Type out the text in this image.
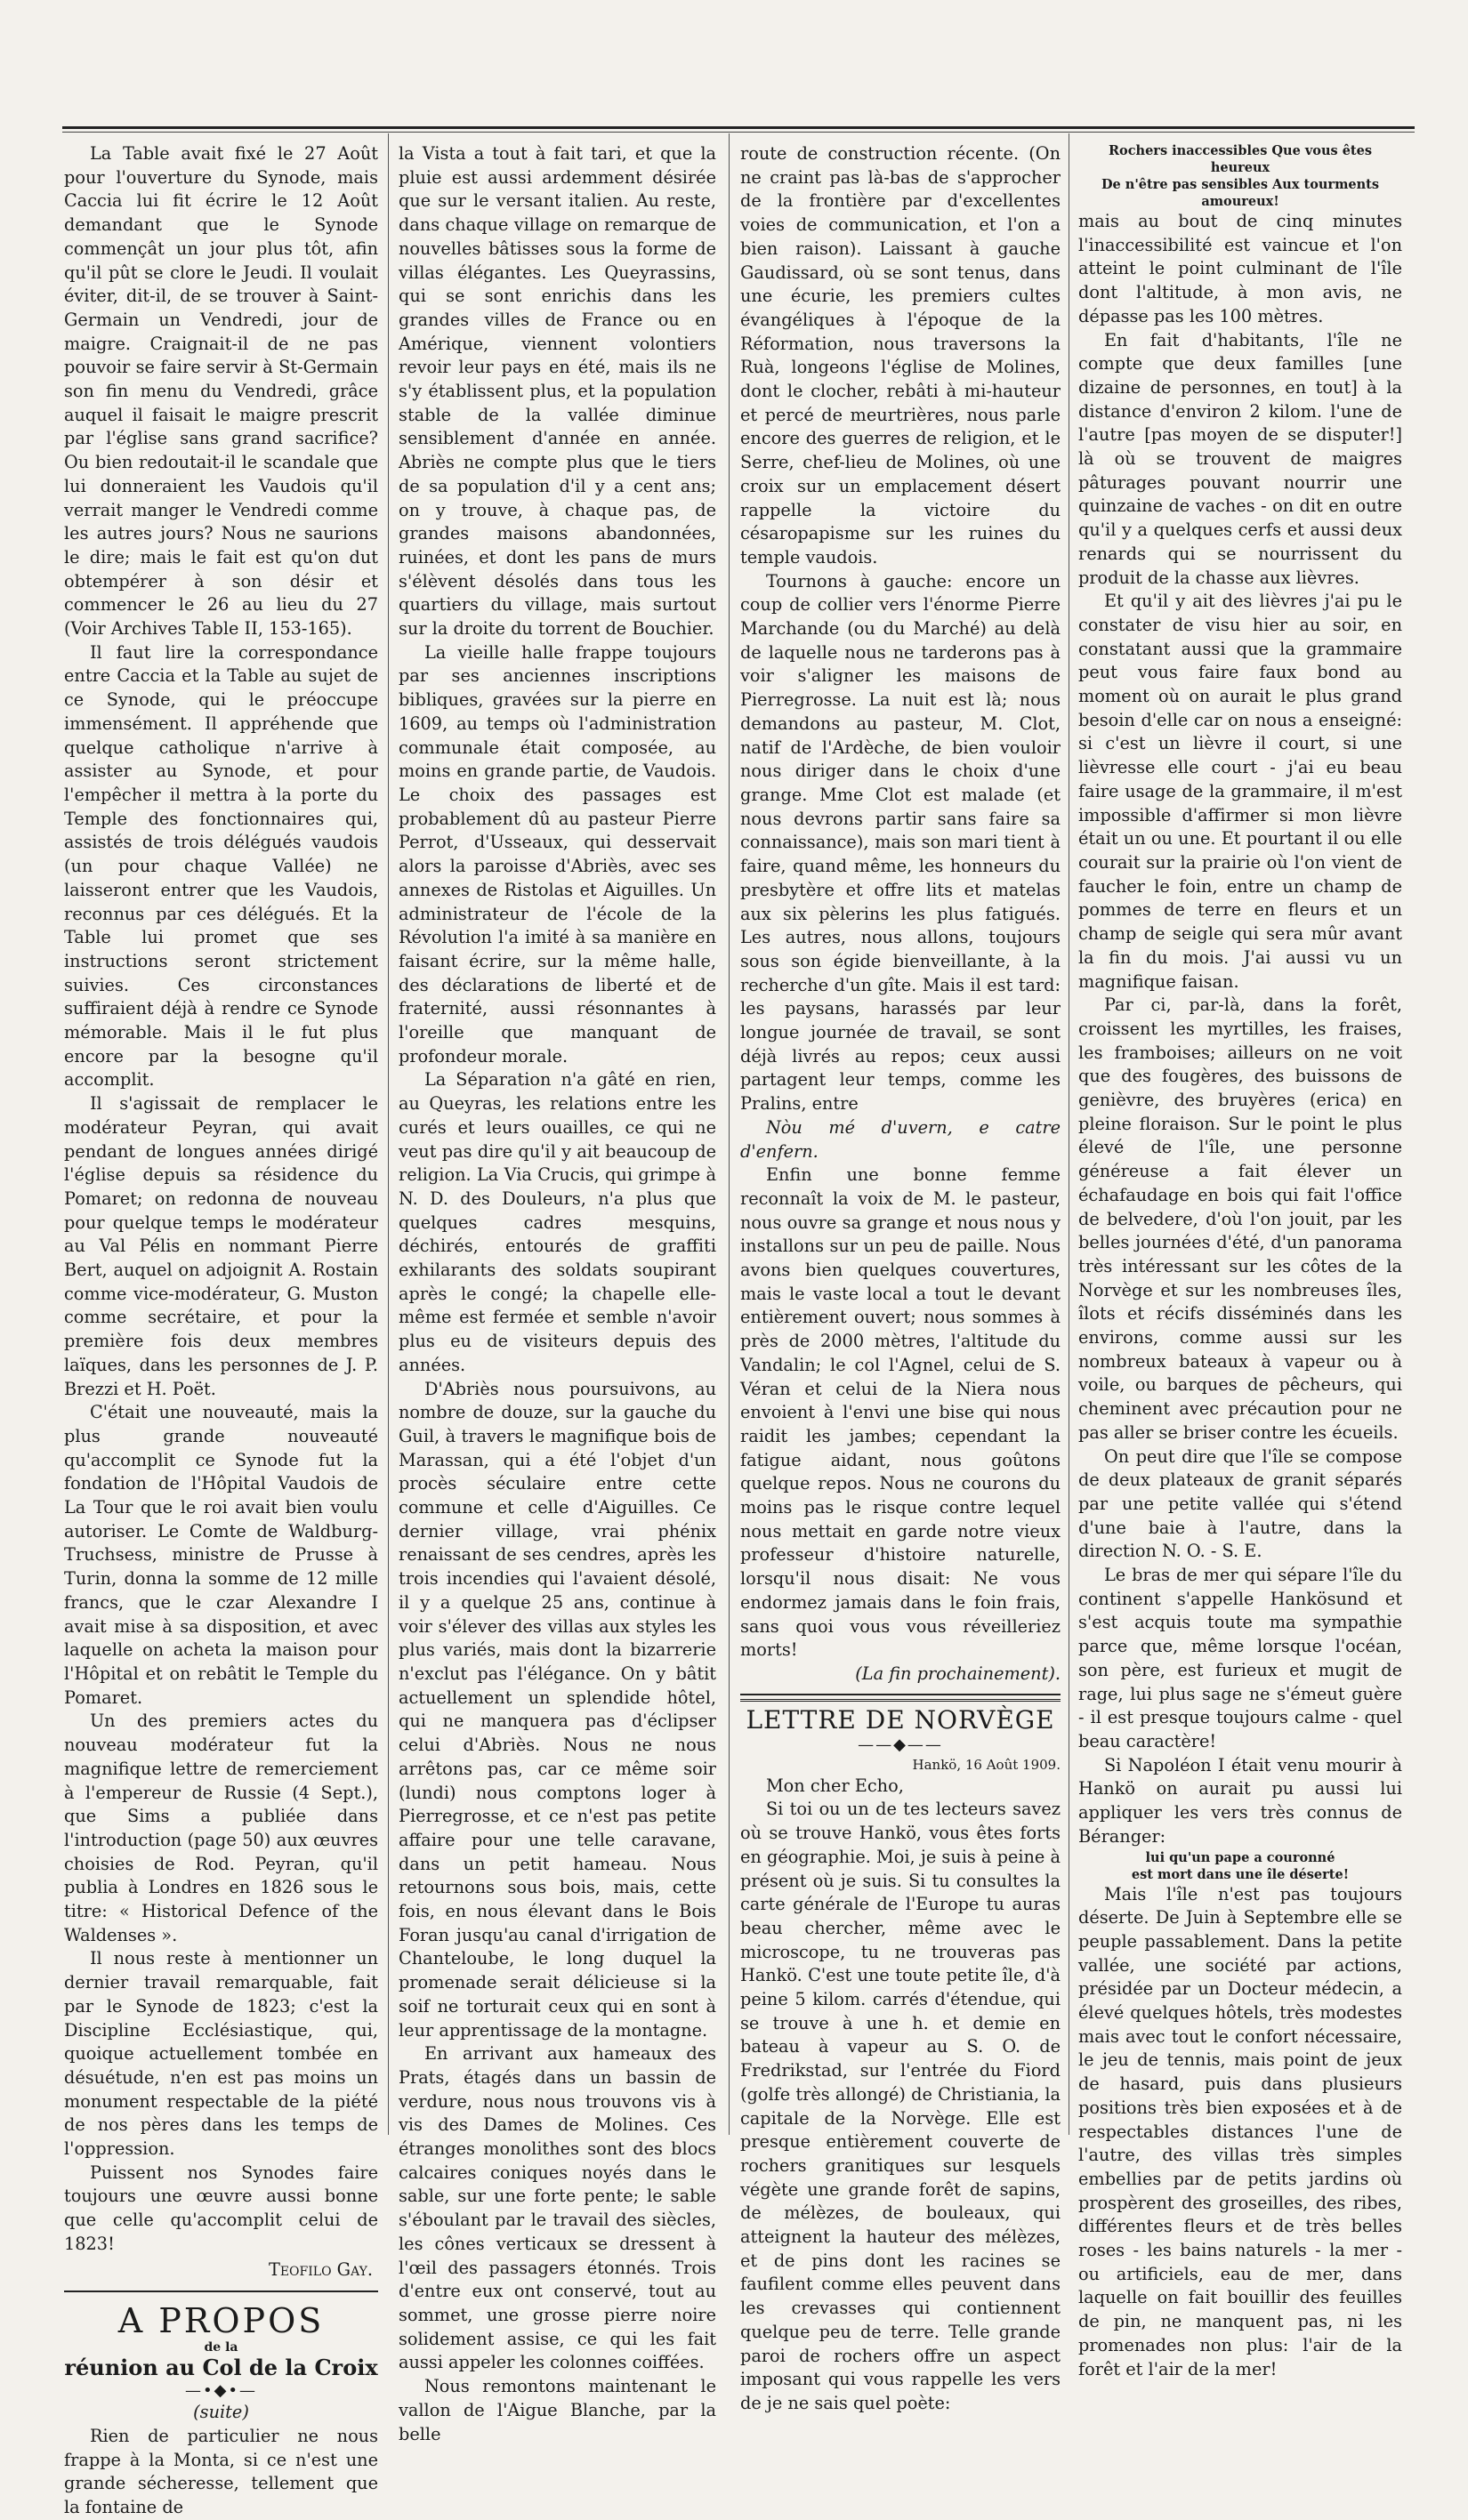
La Table avait fixé le 27 Août pour l'ouverture du Synode, mais Caccia lui fit écrire le 12 Août demandant que le Synode commençât un jour plus tôt, afin qu'il pût se clore le Jeudi. Il voulait éviter, dit-il, de se trouver à Saint-Germain un Vendredi, jour de maigre. Craignait-il de ne pas pouvoir se faire servir à St-Germain son fin menu du Vendredi, grâce auquel il faisait le maigre prescrit par l'église sans grand sacrifice? Ou bien redoutait-il le scandale que lui donneraient les Vaudois qu'il verrait manger le Vendredi comme les autres jours? Nous ne saurions le dire; mais le fait est qu'on dut obtempérer à son désir et commencer le 26 au lieu du 27 (Voir Archives Table II, 153-165).

Il faut lire la correspondance entre Caccia et la Table au sujet de ce Synode, qui le préoccupe immensément. Il appréhende que quelque catholique n'arrive à assister au Synode, et pour l'empêcher il mettra à la porte du Temple des fonctionnaires qui, assistés de trois délégués vaudois (un pour chaque Vallée) ne laisseront entrer que les Vaudois, reconnus par ces délégués. Et la Table lui promet que ses instructions seront strictement suivies. Ces circonstances suffiraient déjà à rendre ce Synode mémorable. Mais il le fut plus encore par la besogne qu'il accomplit.

Il s'agissait de remplacer le modérateur Peyran, qui avait pendant de longues années dirigé l'église depuis sa résidence du Pomaret; on redonna de nouveau pour quelque temps le modérateur au Val Pélis en nommant Pierre Bert, auquel on adjoignit A. Rostain comme vice-modérateur, G. Muston comme secrétaire, et pour la première fois deux membres laïques, dans les personnes de J. P. Brezzi et H. Poët.

C'était une nouveauté, mais la plus grande nouveauté qu'accomplit ce Synode fut la fondation de l'Hôpital Vaudois de La Tour que le roi avait bien voulu autoriser. Le Comte de Waldburg-Truchsess, ministre de Prusse à Turin, donna la somme de 12 mille francs, que le czar Alexandre I avait mise à sa disposition, et avec laquelle on acheta la maison pour l'Hôpital et on rebâtit le Temple du Pomaret.

Un des premiers actes du nouveau modérateur fut la magnifique lettre de remerciement à l'empereur de Russie (4 Sept.), que Sims a publiée dans l'introduction (page 50) aux œuvres choisies de Rod. Peyran, qu'il publia à Londres en 1826 sous le titre: « Historical Defence of the Waldenses ».

Il nous reste à mentionner un dernier travail remarquable, fait par le Synode de 1823; c'est la Discipline Ecclésiastique, qui, quoique actuellement tombée en désuétude, n'en est pas moins un monument respectable de la piété de nos pères dans les temps de l'oppression.

Puissent nos Synodes faire toujours une œuvre aussi bonne que celle qu'accomplit celui de 1823!

Teofilo Gay.

A PROPOS
de la
réunion au Col de la Croix
—•◆•—
(suite)

Rien de particulier ne nous frappe à la Monta, si ce n'est une grande sécheresse, tellement que la fontaine de

la Vista a tout à fait tari, et que la pluie est aussi ardemment désirée que sur le versant italien. Au reste, dans chaque village on remarque de nouvelles bâtisses sous la forme de villas élégantes. Les Queyrassins, qui se sont enrichis dans les grandes villes de France ou en Amérique, viennent volontiers revoir leur pays en été, mais ils ne s'y établissent plus, et la population stable de la vallée diminue sensiblement d'année en année. Abriès ne compte plus que le tiers de sa population d'il y a cent ans; on y trouve, à chaque pas, de grandes maisons abandonnées, ruinées, et dont les pans de murs s'élèvent désolés dans tous les quartiers du village, mais surtout sur la droite du torrent de Bouchier.

La vieille halle frappe toujours par ses anciennes inscriptions bibliques, gravées sur la pierre en 1609, au temps où l'administration communale était composée, au moins en grande partie, de Vaudois. Le choix des passages est probablement dû au pasteur Pierre Perrot, d'Usseaux, qui desservait alors la paroisse d'Abriès, avec ses annexes de Ristolas et Aiguilles. Un administrateur de l'école de la Révolution l'a imité à sa manière en faisant écrire, sur la même halle, des déclarations de liberté et de fraternité, aussi résonnantes à l'oreille que manquant de profondeur morale.

La Séparation n'a gâté en rien, au Queyras, les relations entre les curés et leurs ouailles, ce qui ne veut pas dire qu'il y ait beaucoup de religion. La Via Crucis, qui grimpe à N. D. des Douleurs, n'a plus que quelques cadres mesquins, déchirés, entourés de graffiti exhilarants des soldats soupirant après le congé; la chapelle elle-même est fermée et semble n'avoir plus eu de visiteurs depuis des années.

D'Abriès nous poursuivons, au nombre de douze, sur la gauche du Guil, à travers le magnifique bois de Marassan, qui a été l'objet d'un procès séculaire entre cette commune et celle d'Aiguilles. Ce dernier village, vrai phénix renaissant de ses cendres, après les trois incendies qui l'avaient désolé, il y a quelque 25 ans, continue à voir s'élever des villas aux styles les plus variés, mais dont la bizarrerie n'exclut pas l'élégance. On y bâtit actuellement un splendide hôtel, qui ne manquera pas d'éclipser celui d'Abriès. Nous ne nous arrêtons pas, car ce même soir (lundi) nous comptons loger à Pierregrosse, et ce n'est pas petite affaire pour une telle caravane, dans un petit hameau. Nous retournons sous bois, mais, cette fois, en nous élevant dans le Bois Foran jusqu'au canal d'irrigation de Chanteloube, le long duquel la promenade serait délicieuse si la soif ne torturait ceux qui en sont à leur apprentissage de la montagne.

En arrivant aux hameaux des Prats, étagés dans un bassin de verdure, nous nous trouvons vis à vis des Dames de Molines. Ces étranges monolithes sont des blocs calcaires coniques noyés dans le sable, sur une forte pente; le sable s'éboulant par le travail des siècles, les cônes verticaux se dressent à l'œil des passagers étonnés. Trois d'entre eux ont conservé, tout au sommet, une grosse pierre noire solidement assise, ce qui les fait aussi appeler les colonnes coiffées.

Nous remontons maintenant le vallon de l'Aigue Blanche, par la belle

route de construction récente. (On ne craint pas là-bas de s'approcher de la frontière par d'excellentes voies de communication, et l'on a bien raison). Laissant à gauche Gaudissard, où se sont tenus, dans une écurie, les premiers cultes évangéliques à l'époque de la Réformation, nous traversons la Ruà, longeons l'église de Molines, dont le clocher, rebâti à mi-hauteur et percé de meurtrières, nous parle encore des guerres de religion, et le Serre, chef-lieu de Molines, où une croix sur un emplacement désert rappelle la victoire du césaropapisme sur les ruines du temple vaudois.

Tournons à gauche: encore un coup de collier vers l'énorme Pierre Marchande (ou du Marché) au delà de laquelle nous ne tarderons pas à voir s'aligner les maisons de Pierregrosse. La nuit est là; nous demandons au pasteur, M. Clot, natif de l'Ardèche, de bien vouloir nous diriger dans le choix d'une grange. Mme Clot est malade (et nous devrons partir sans faire sa connaissance), mais son mari tient à faire, quand même, les honneurs du presbytère et offre lits et matelas aux six pèlerins les plus fatigués. Les autres, nous allons, toujours sous son égide bienveillante, à la recherche d'un gîte. Mais il est tard: les paysans, harassés par leur longue journée de travail, se sont déjà livrés au repos; ceux aussi partagent leur temps, comme les Pralins, entre

Nòu mé d'uvern, e catre d'enfern.

Enfin une bonne femme reconnaît la voix de M. le pasteur, nous ouvre sa grange et nous nous y installons sur un peu de paille. Nous avons bien quelques couvertures, mais le vaste local a tout le devant entièrement ouvert; nous sommes à près de 2000 mètres, l'altitude du Vandalin; le col l'Agnel, celui de S. Véran et celui de la Niera nous envoient à l'envi une bise qui nous raidit les jambes; cependant la fatigue aidant, nous goûtons quelque repos. Nous ne courons du moins pas le risque contre lequel nous mettait en garde notre vieux professeur d'histoire naturelle, lorsqu'il nous disait: Ne vous endormez jamais dans le foin frais, sans quoi vous vous réveilleriez morts!

(La fin prochainement).

LETTRE DE NORVÈGE
——◆——
Hankö, 16 Août 1909.

Mon cher Echo,

Si toi ou un de tes lecteurs savez où se trouve Hankö, vous êtes forts en géographie. Moi, je suis à peine à présent où je suis. Si tu consultes la carte générale de l'Europe tu auras beau chercher, même avec le microscope, tu ne trouveras pas Hankö. C'est une toute petite île, d'à peine 5 kilom. carrés d'étendue, qui se trouve à une h. et demie en bateau à vapeur au S. O. de Fredrikstad, sur l'entrée du Fiord (golfe très allongé) de Christiania, la capitale de la Norvège. Elle est presque entièrement couverte de rochers granitiques sur lesquels végète une grande forêt de sapins, de mélèzes, de bouleaux, qui atteignent la hauteur des mélèzes, et de pins dont les racines se faufilent comme elles peuvent dans les crevasses qui contiennent quelque peu de terre. Telle grande paroi de rochers offre un aspect imposant qui vous rappelle les vers de je ne sais quel poète:

Rochers inaccessibles Que vous êtes heureux

De n'être pas sensibles Aux tourments amoureux!

mais au bout de cinq minutes l'inaccessibilité est vaincue et l'on atteint le point culminant de l'île dont l'altitude, à mon avis, ne dépasse pas les 100 mètres.

En fait d'habitants, l'île ne compte que deux familles [une dizaine de personnes, en tout] à la distance d'environ 2 kilom. l'une de l'autre [pas moyen de se disputer!] là où se trouvent de maigres pâturages pouvant nourrir une quinzaine de vaches - on dit en outre qu'il y a quelques cerfs et aussi deux renards qui se nourrissent du produit de la chasse aux lièvres.

Et qu'il y ait des lièvres j'ai pu le constater de visu hier au soir, en constatant aussi que la grammaire peut vous faire faux bond au moment où on aurait le plus grand besoin d'elle car on nous a enseigné: si c'est un lièvre il court, si une lièvresse elle court - j'ai eu beau faire usage de la grammaire, il m'est impossible d'affirmer si mon lièvre était un ou une. Et pourtant il ou elle courait sur la prairie où l'on vient de faucher le foin, entre un champ de pommes de terre en fleurs et un champ de seigle qui sera mûr avant la fin du mois. J'ai aussi vu un magnifique faisan.

Par ci, par-là, dans la forêt, croissent les myrtilles, les fraises, les framboises; ailleurs on ne voit que des fougères, des buissons de genièvre, des bruyères (erica) en pleine floraison. Sur le point le plus élevé de l'île, une personne généreuse a fait élever un échafaudage en bois qui fait l'office de belvedere, d'où l'on jouit, par les belles journées d'été, d'un panorama très intéressant sur les côtes de la Norvège et sur les nombreuses îles, îlots et récifs disséminés dans les environs, comme aussi sur les nombreux bateaux à vapeur ou à voile, ou barques de pêcheurs, qui cheminent avec précaution pour ne pas aller se briser contre les écueils.

On peut dire que l'île se compose de deux plateaux de granit séparés par une petite vallée qui s'étend d'une baie à l'autre, dans la direction N. O. - S. E.

Le bras de mer qui sépare l'île du continent s'appelle Hankösund et s'est acquis toute ma sympathie parce que, même lorsque l'océan, son père, est furieux et mugit de rage, lui plus sage ne s'émeut guère - il est presque toujours calme - quel beau caractère!

Si Napoléon I était venu mourir à Hankö on aurait pu aussi lui appliquer les vers très connus de Béranger:

lui qu'un pape a couronné

est mort dans une île déserte!

Mais l'île n'est pas toujours déserte. De Juin à Septembre elle se peuple passablement. Dans la petite vallée, une société par actions, présidée par un Docteur médecin, a élevé quelques hôtels, très modestes mais avec tout le confort nécessaire, le jeu de tennis, mais point de jeux de hasard, puis dans plusieurs positions très bien exposées et à de respectables distances l'une de l'autre, des villas très simples embellies par de petits jardins où prospèrent des groseilles, des ribes, différentes fleurs et de très belles roses - les bains naturels - la mer - ou artificiels, eau de mer, dans laquelle on fait bouillir des feuilles de pin, ne manquent pas, ni les promenades non plus: l'air de la forêt et l'air de la mer!
